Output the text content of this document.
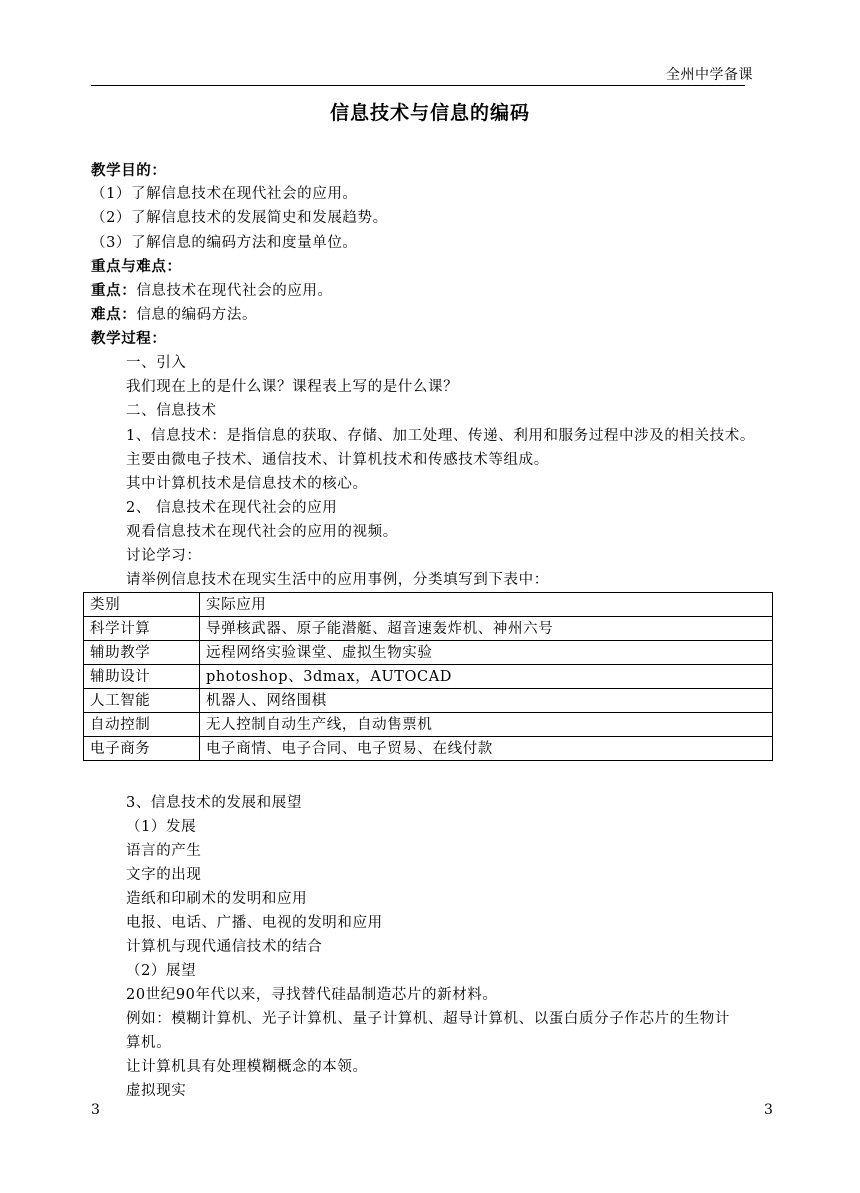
全州中学备课
信息技术与信息的编码
教学目的：
（1）了解信息技术在现代社会的应用。
（2）了解信息技术的发展简史和发展趋势。
（3）了解信息的编码方法和度量单位。
重点与难点：
重点：信息技术在现代社会的应用。
难点：信息的编码方法。
教学过程：
一、引入
我们现在上的是什么课？课程表上写的是什么课？
二、信息技术
1、信息技术：是指信息的获取、存储、加工处理、传递、利用和服务过程中涉及的相关技术。
主要由微电子技术、通信技术、计算机技术和传感技术等组成。
其中计算机技术是信息技术的核心。
2、 信息技术在现代社会的应用
观看信息技术在现代社会的应用的视频。
讨论学习：
请举例信息技术在现实生活中的应用事例，分类填写到下表中：
类别	实际应用
科学计算	导弹核武器、原子能潜艇、超音速轰炸机、神州六号
辅助教学	远程网络实验课堂、虚拟生物实验
辅助设计	photoshop、3dmax，AUTOCAD
人工智能	机器人、网络围棋
自动控制	无人控制自动生产线，自动售票机
电子商务	电子商情、电子合同、电子贸易、在线付款
3、信息技术的发展和展望
（1）发展
语言的产生
文字的出现
造纸和印刷术的发明和应用
电报、电话、广播、电视的发明和应用
计算机与现代通信技术的结合
（2）展望
20世纪90年代以来，寻找替代硅晶制造芯片的新材料。
例如：模糊计算机、光子计算机、量子计算机、超导计算机、以蛋白质分子作芯片的生物计
算机。
让计算机具有处理模糊概念的本领。
虚拟现实
3	3
